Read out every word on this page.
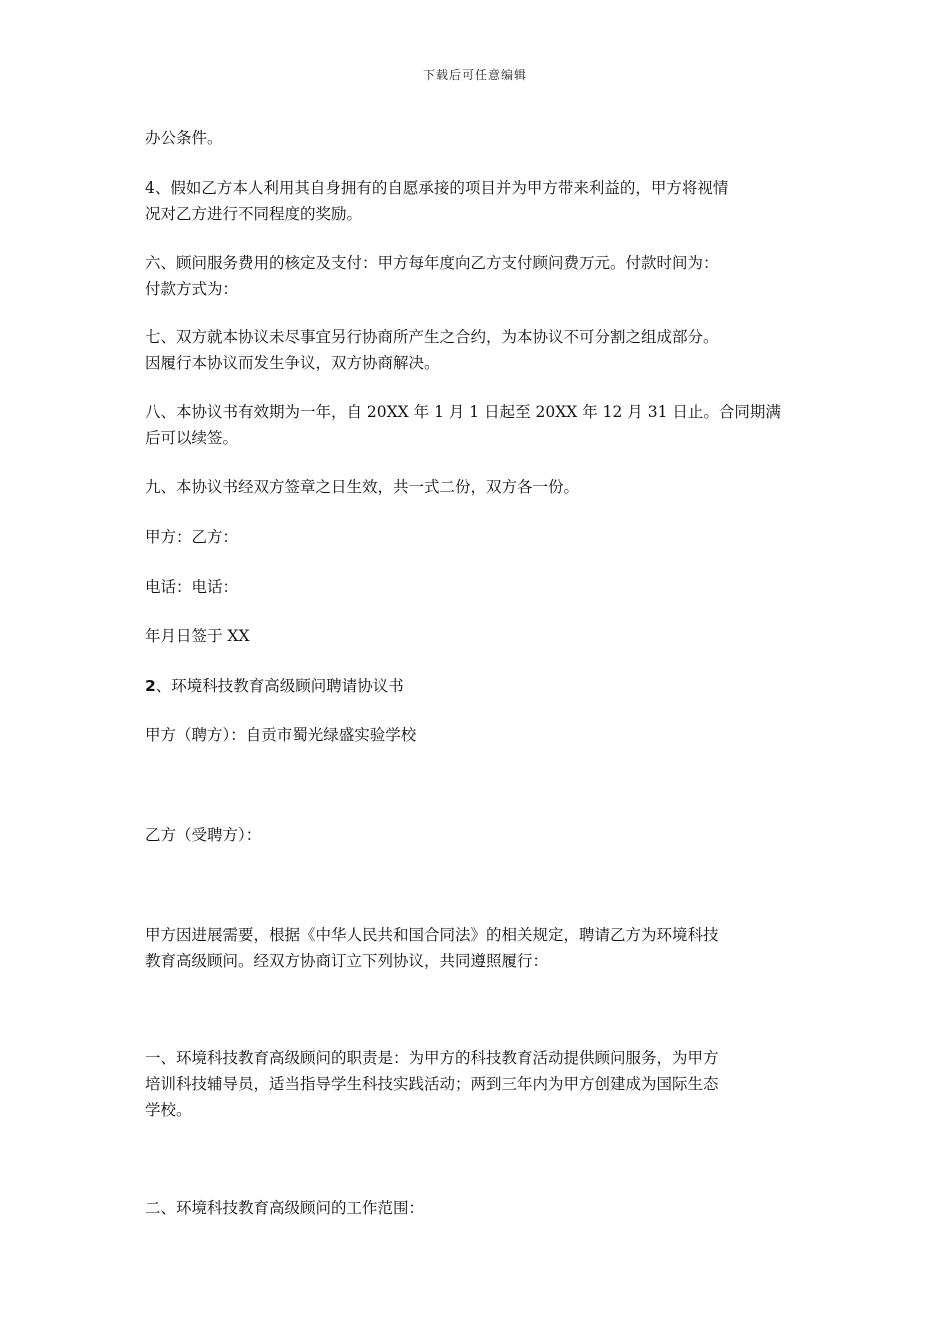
下载后可任意编辑
办公条件。
4、假如乙方本人利用其自身拥有的自愿承接的项目并为甲方带来利益的，甲方将视情
况对乙方进行不同程度的奖励。
六、顾问服务费用的核定及支付：甲方每年度向乙方支付顾问费万元。付款时间为：
付款方式为：
七、双方就本协议未尽事宜另行协商所产生之合约，为本协议不可分割之组成部分。
因履行本协议而发生争议，双方协商解决。
八、本协议书有效期为一年，自 20XX 年 1 月 1 日起至 20XX 年 12 月 31 日止。合同期满
后可以续签。
九、本协议书经双方签章之日生效，共一式二份，双方各一份。
甲方：乙方：
电话：电话：
年月日签于 XX
2、环境科技教育高级顾问聘请协议书
甲方（聘方）：自贡市蜀光绿盛实验学校
乙方（受聘方）：
甲方因进展需要，根据《中华人民共和国合同法》的相关规定，聘请乙方为环境科技
教育高级顾问。经双方协商订立下列协议，共同遵照履行：
一、环境科技教育高级顾问的职责是：为甲方的科技教育活动提供顾问服务，为甲方
培训科技辅导员，适当指导学生科技实践活动；两到三年内为甲方创建成为国际生态
学校。
二、环境科技教育高级顾问的工作范围：
